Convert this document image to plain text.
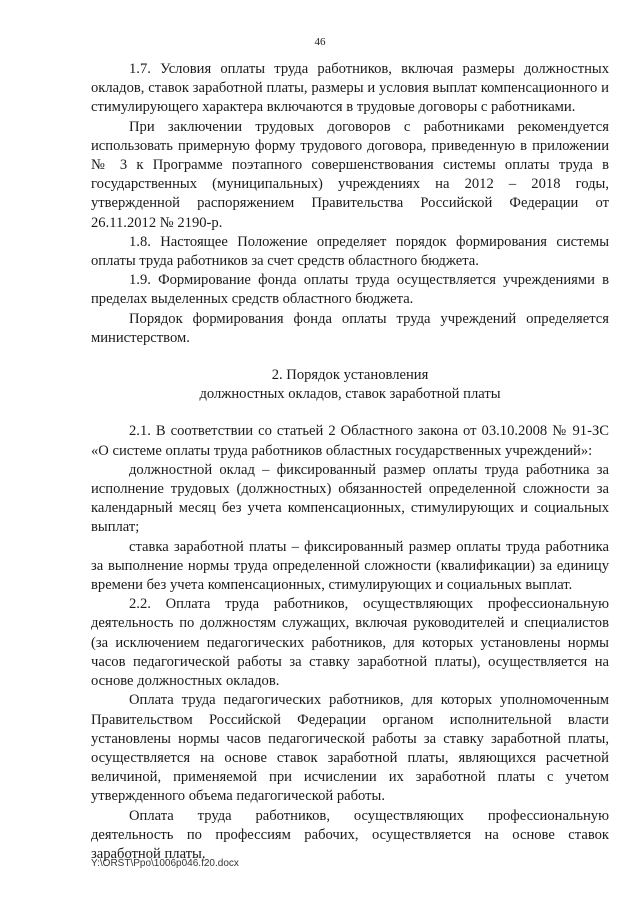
46

1.7. Условия оплаты труда работников, включая размеры должностных окладов, ставок заработной платы, размеры и условия выплат компенсационного и стимулирующего характера включаются в трудовые договоры с работниками.

При заключении трудовых договоров с работниками рекомендуется использовать примерную форму трудового договора, приведенную в приложении № 3 к Программе поэтапного совершенствования системы оплаты труда в государственных (муниципальных) учреждениях на 2012 – 2018 годы, утвержденной распоряжением Правительства Российской Федерации от 26.11.2012 № 2190-р.

1.8. Настоящее Положение определяет порядок формирования системы оплаты труда работников за счет средств областного бюджета.

1.9. Формирование фонда оплаты труда осуществляется учреждениями в пределах выделенных средств областного бюджета.

Порядок формирования фонда оплаты труда учреждений определяется министерством.

2. Порядок установления
должностных окладов, ставок заработной платы

2.1. В соответствии со статьей 2 Областного закона от 03.10.2008 № 91-ЗС «О системе оплаты труда работников областных государственных учреждений»:

должностной оклад – фиксированный размер оплаты труда работника за исполнение трудовых (должностных) обязанностей определенной сложности за календарный месяц без учета компенсационных, стимулирующих и социальных выплат;

ставка заработной платы – фиксированный размер оплаты труда работника за выполнение нормы труда определенной сложности (квалификации) за единицу времени без учета компенсационных, стимулирующих и социальных выплат.

2.2. Оплата труда работников, осуществляющих профессиональную деятельность по должностям служащих, включая руководителей и специалистов (за исключением педагогических работников, для которых установлены нормы часов педагогической работы за ставку заработной платы), осуществляется на основе должностных окладов.

Оплата труда педагогических работников, для которых уполномоченным Правительством Российской Федерации органом исполнительной власти установлены нормы часов педагогической работы за ставку заработной платы, осуществляется на основе ставок заработной платы, являющихся расчетной величиной, применяемой при исчислении их заработной платы с учетом утвержденного объема педагогической работы.

Оплата труда работников, осуществляющих профессиональную деятельность по профессиям рабочих, осуществляется на основе ставок заработной платы.

Y:\ORST\Ppo\1006p046.f20.docx
